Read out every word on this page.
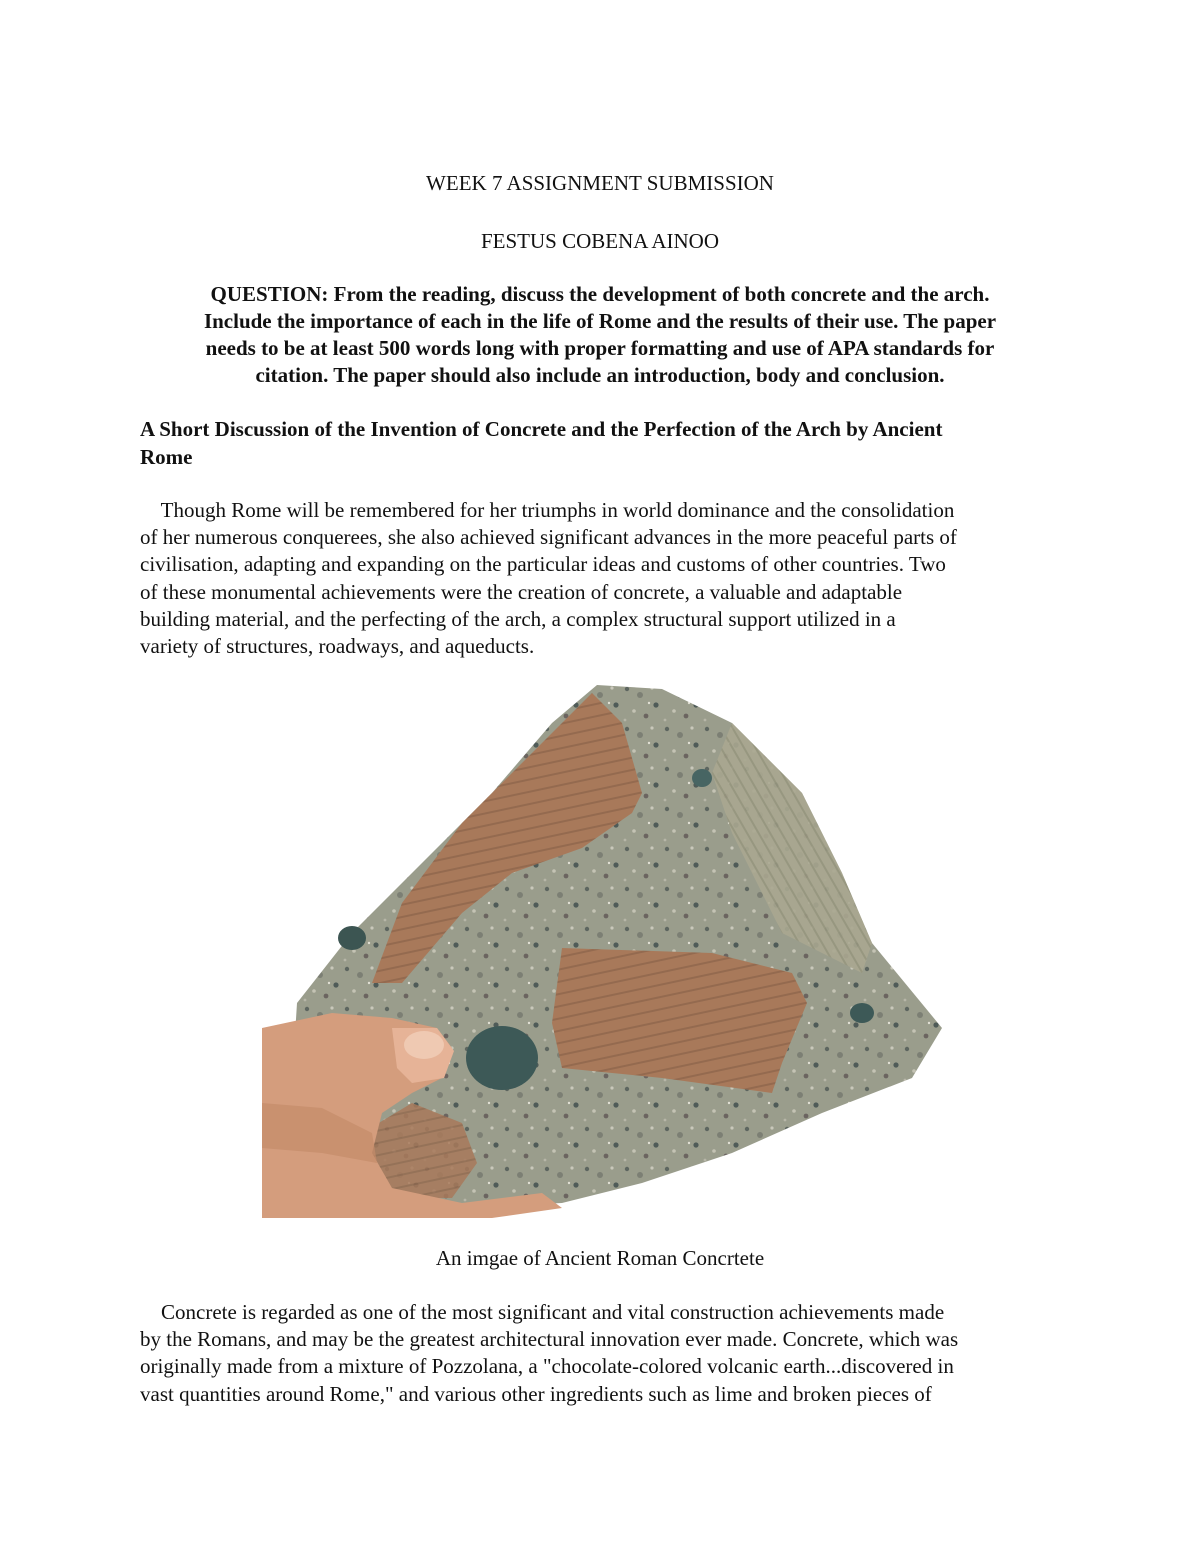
WEEK 7 ASSIGNMENT SUBMISSION
FESTUS COBENA AINOO
QUESTION: From the reading, discuss the development of both concrete and the arch.
Include the importance of each in the life of Rome and the results of their use. The paper
needs to be at least 500 words long with proper formatting and use of APA standards for
citation. The paper should also include an introduction, body and conclusion.
A Short Discussion of the Invention of Concrete and the Perfection of the Arch by Ancient
Rome
Though Rome will be remembered for her triumphs in world dominance and the consolidation
of her numerous conquerees, she also achieved significant advances in the more peaceful parts of
civilisation, adapting and expanding on the particular ideas and customs of other countries. Two
of these monumental achievements were the creation of concrete, a valuable and adaptable
building material, and the perfecting of the arch, a complex structural support utilized in a
variety of structures, roadways, and aqueducts.
An imgae of Ancient Roman Concrtete
Concrete is regarded as one of the most significant and vital construction achievements made
by the Romans, and may be the greatest architectural innovation ever made. Concrete, which was
originally made from a mixture of Pozzolana, a "chocolate-colored volcanic earth...discovered in
vast quantities around Rome," and various other ingredients such as lime and broken pieces of
